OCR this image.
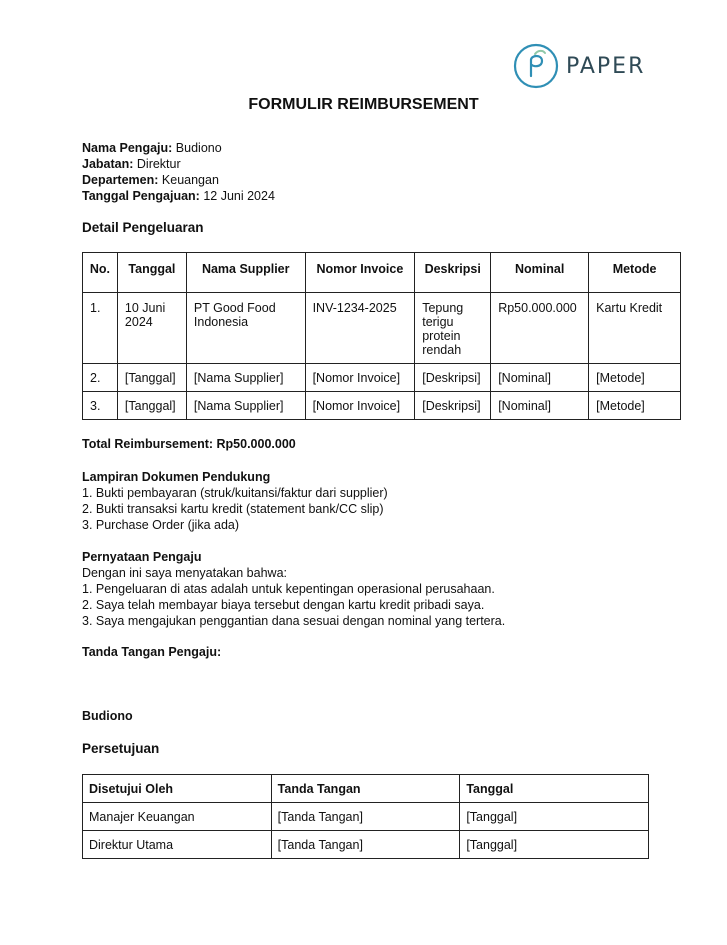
PAPER
FORMULIR REIMBURSEMENT
Nama Pengaju: Budiono
Jabatan: Direktur
Departemen: Keuangan
Tanggal Pengajuan: 12 Juni 2024
Detail Pengeluaran
No.	Tanggal	Nama Supplier	Nomor Invoice	Deskripsi	Nominal	Metode
1.	10 Juni 2024	PT Good Food Indonesia	INV-1234-2025	Tepung terigu protein rendah	Rp50.000.000	Kartu Kredit
2.	[Tanggal]	[Nama Supplier]	[Nomor Invoice]	[Deskripsi]	[Nominal]	[Metode]
3.	[Tanggal]	[Nama Supplier]	[Nomor Invoice]	[Deskripsi]	[Nominal]	[Metode]
Total Reimbursement: Rp50.000.000
Lampiran Dokumen Pendukung
1. Bukti pembayaran (struk/kuitansi/faktur dari supplier)
2. Bukti transaksi kartu kredit (statement bank/CC slip)
3. Purchase Order (jika ada)
Pernyataan Pengaju
Dengan ini saya menyatakan bahwa:
1. Pengeluaran di atas adalah untuk kepentingan operasional perusahaan.
2. Saya telah membayar biaya tersebut dengan kartu kredit pribadi saya.
3. Saya mengajukan penggantian dana sesuai dengan nominal yang tertera.
Tanda Tangan Pengaju:
Budiono
Persetujuan
Disetujui Oleh	Tanda Tangan	Tanggal
Manajer Keuangan	[Tanda Tangan]	[Tanggal]
Direktur Utama	[Tanda Tangan]	[Tanggal]
